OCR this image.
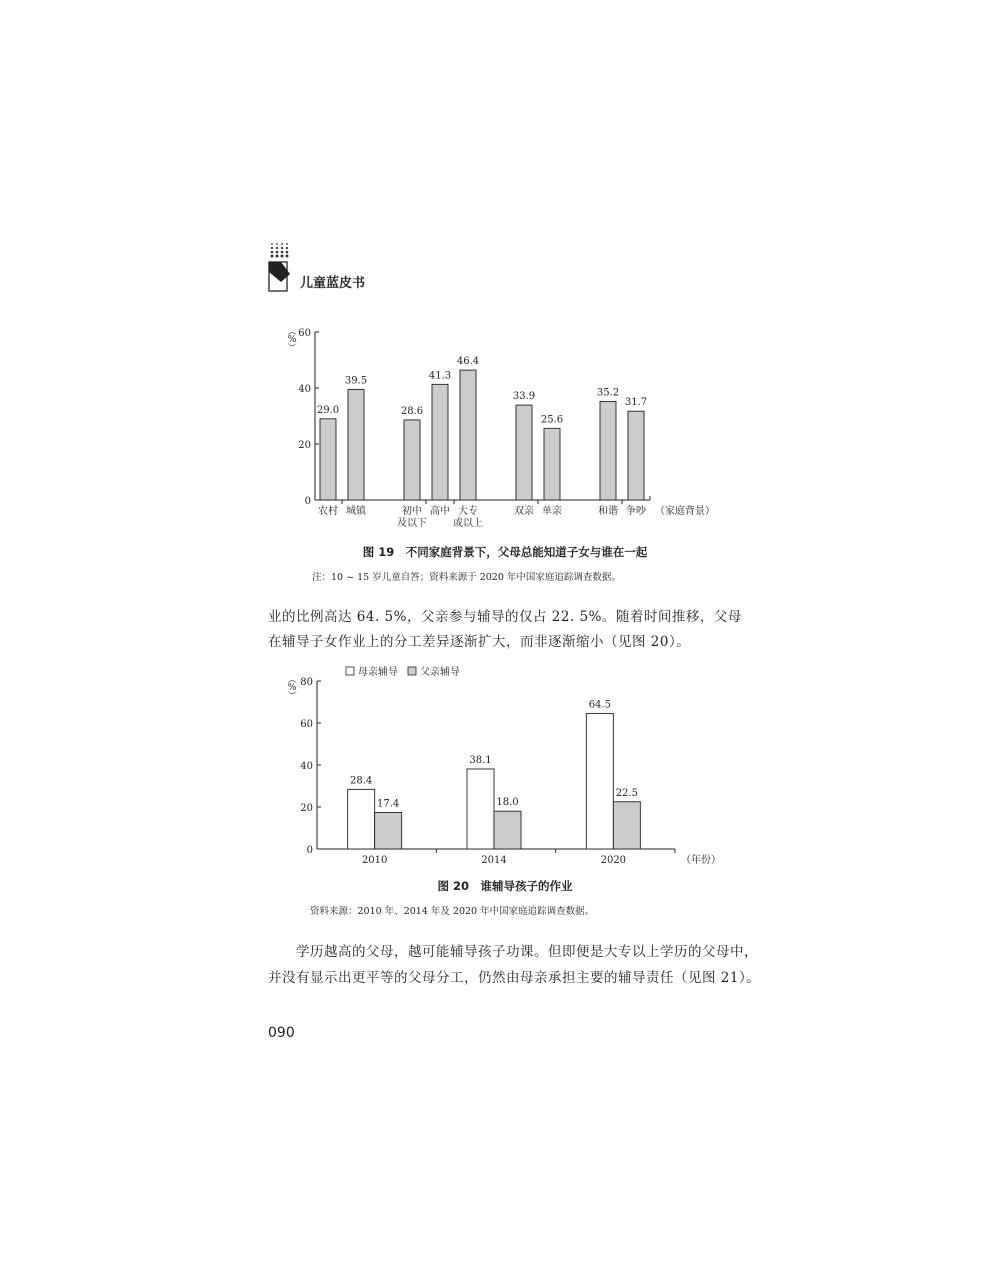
儿童蓝皮书
（
%
）
0
20
40
60
29.0
农村
39.5
城镇
28.6
初中
及以下
41.3
高中
46.4
大专
或以上
33.9
双亲
25.6
单亲
35.2
和谐
31.7
争吵 （家庭背景）
图 19　不同家庭背景下，父母总能知道子女与谁在一起
注：10 ~ 15 岁儿童自答；资料来源于 2020 年中国家庭追踪调查数据。
业的比例高达 64. 5%，父亲参与辅导的仅占 22. 5%。随着时间推移，父母
在辅导子女作业上的分工差异逐渐扩大，而非逐渐缩小（见图 20）。
母亲辅导 父亲辅导
（
%
）
0
20
40
60
80
2010
28.4
17.4
2014
38.1
18.0
2020
64.5
22.5
（年份）
图 20　谁辅导孩子的作业
资料来源：2010 年、2014 年及 2020 年中国家庭追踪调查数据。
　　学历越高的父母，越可能辅导孩子功课。但即便是大专以上学历的父母中，
并没有显示出更平等的父母分工，仍然由母亲承担主要的辅导责任（见图 21）。
090
